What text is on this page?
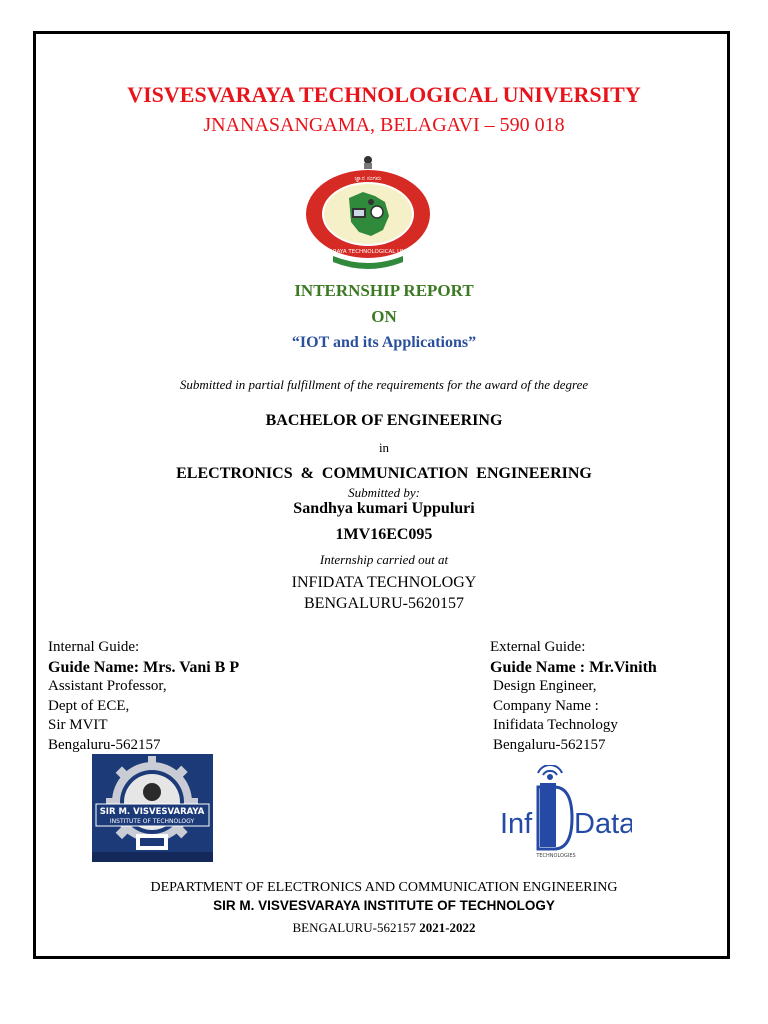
VISVESVARAYA TECHNOLOGICAL UNIVERSITY
JNANASANGAMA, BELAGAVI – 590 018
ಜ್ಞಾನ ಸಂಗಮ
VISVESVARAYA TECHNOLOGICAL UNIVERSITY
INTERNSHIP REPORT
ON
“IOT and its Applications”
Submitted in partial fulfillment of the requirements for the award of the degree
BACHELOR OF ENGINEERING
in
ELECTRONICS  &  COMMUNICATION  ENGINEERING
Submitted by:
Sandhya kumari Uppuluri
1MV16EC095
Internship carried out at
INFIDATA TECHNOLOGY
BENGALURU-5620157
Internal Guide:
Guide Name: Mrs. Vani B P
Assistant Professor,
Dept of ECE,
Sir MVIT
Bengaluru-562157
External Guide:
Guide Name : Mr.Vinith
Design Engineer,
Company Name :
Inifidata Technology
Bengaluru-562157
SIR M. VISVESVARAYA
INSTITUTE OF TECHNOLOGY	Inf Data
TECHNOLOGIES
DEPARTMENT OF ELECTRONICS AND COMMUNICATION ENGINEERING
SIR M. VISVESVARAYA INSTITUTE OF TECHNOLOGY
BENGALURU-562157 2021-2022
